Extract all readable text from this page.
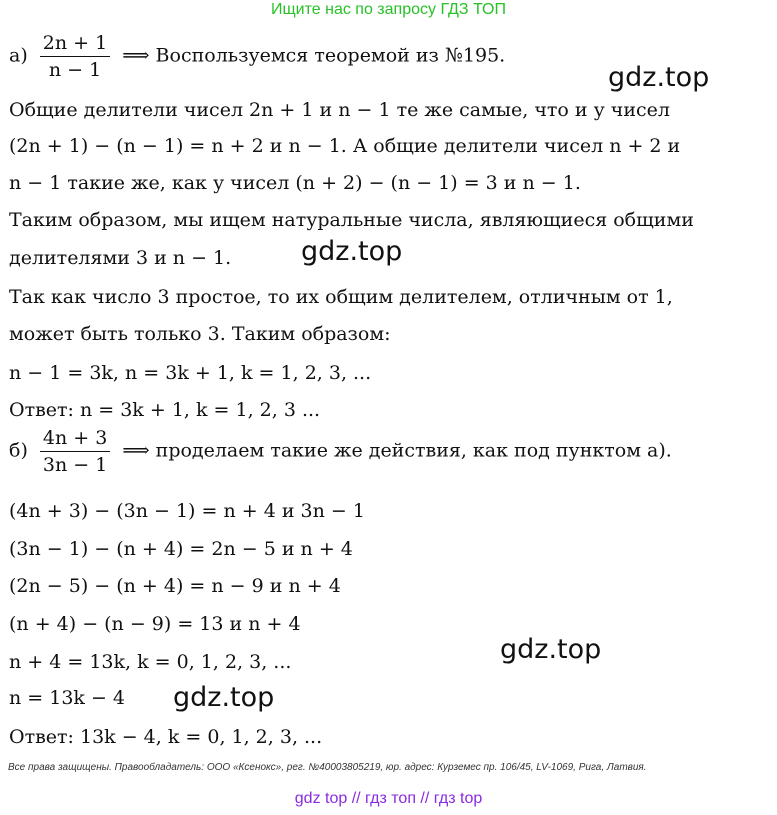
Ищите нас по запросу ГДЗ ТОП
$а) \frac{2n + 1}{n - 1}$ ⟹ Воспользуемся теоремой из №195.
Общие делители чисел 2n + 1 и n − 1 те же самые, что и у чисел
(2n + 1) − (n − 1) = n + 2 и n − 1. А общие делители чисел n + 2 и
n − 1 такие же, как у чисел (n + 2) − (n − 1) = 3 и n − 1.
Таким образом, мы ищем натуральные числа, являющиеся общими
делителями 3 и n − 1.
Так как число 3 простое, то их общим делителем, отличным от 1,
может быть только 3. Таким образом:
n − 1 = 3k, n = 3k + 1, k = 1, 2, 3, ...
Ответ: n = 3k + 1, k = 1, 2, 3 ...
$б) \frac{4n + 3}{3n - 1}$ ⟹ проделаем такие же действия, как под пунктом а).
(4n + 3) − (3n − 1) = n + 4 и 3n − 1
(3n − 1) − (n + 4) = 2n − 5 и n + 4
(2n − 5) − (n + 4) = n − 9 и n + 4
(n + 4) − (n − 9) = 13 и n + 4
n + 4 = 13k, k = 0, 1, 2, 3, ...
n = 13k − 4
Ответ: 13k − 4, k = 0, 1, 2, 3, ...
gdz.top
gdz.top
gdz.top
gdz.top
Все права защищены. Правообладатель: ООО «Ксенокс», рег. №40003805219, юр. адрес: Курземес пр. 106/45, LV-1069, Рига, Латвия.
gdz top // гдз топ // гдз top
